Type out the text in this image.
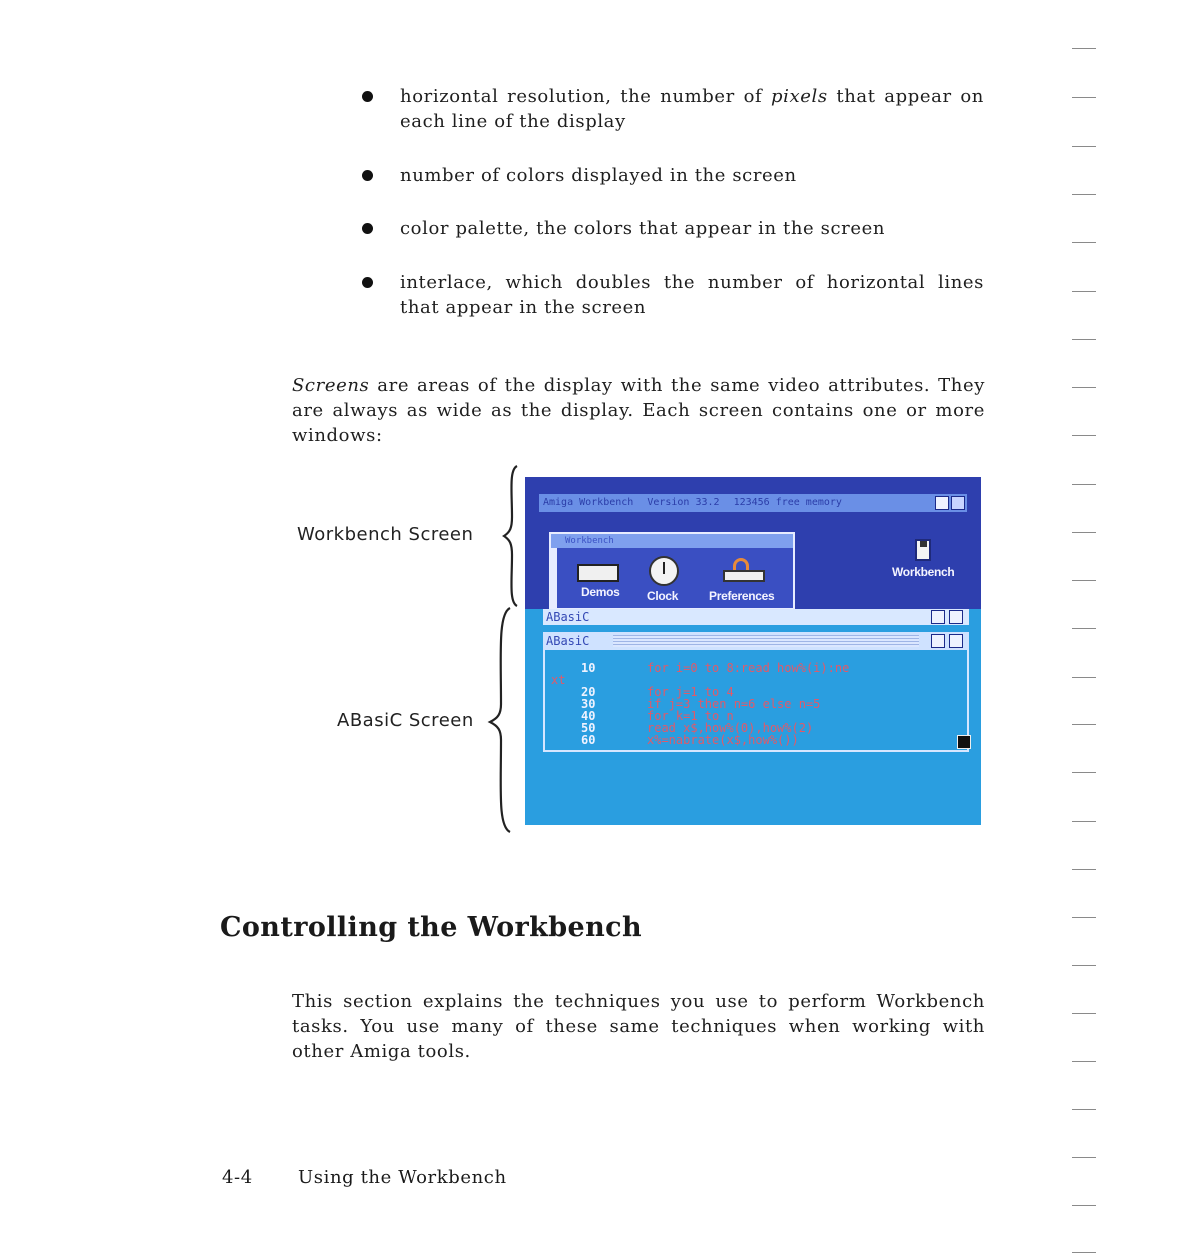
horizontal resolution, the number of pixels that appear on each line of the display
number of colors displayed in the screen
color palette, the colors that appear in the screen
interlace, which doubles the number of horizontal lines that appear in the screen
Screens are areas of the display with the same video attributes. They are always as wide as the display. Each screen contains one or more windows:
Workbench Screen
ABasiC Screen
Amiga Workbench Version 33.2 123456 free memory
Workbench
Demos Clock	Preferences
Workbench
ABasiC
ABasiC
10
20
30
40
50
60
for i=0 to 8:read how%(i):ne
xt
for j=1 to 4
if j=3 then n=6 else n=5
for k=1 to n
read x$,how%(0),how%(2)
x%=nabrate(x$,how%())
Controlling the Workbench
This section explains the techniques you use to perform Workbench tasks. You use many of these same techniques when working with other Amiga tools.
4-4	Using the Workbench
